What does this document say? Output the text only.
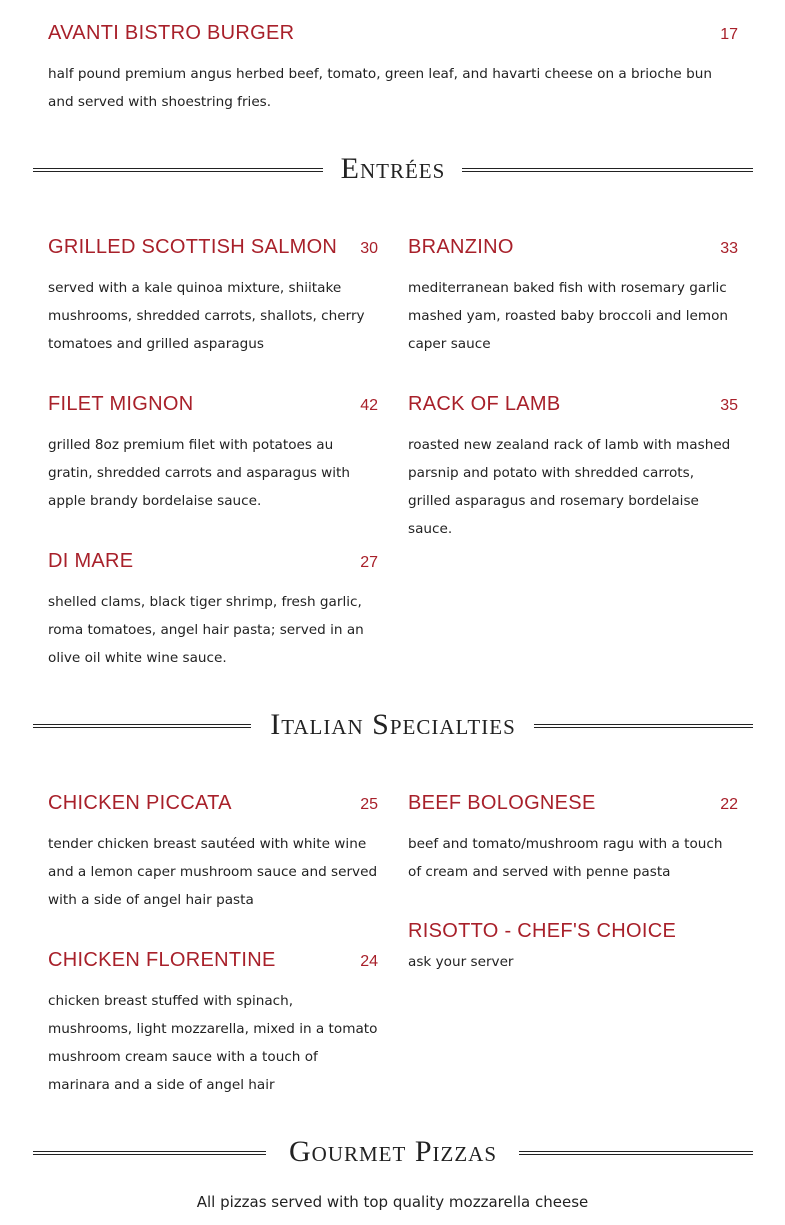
AVANTI BISTRO BURGER	17
half pound premium angus herbed beef, tomato, green leaf, and havarti cheese on a brioche bun and served with shoestring fries.
Entrées
GRILLED SCOTTISH SALMON 30
served with a kale quinoa mixture, shiitake mushrooms, shredded carrots, shallots, cherry tomatoes and grilled asparagus
BRANZINO	33
mediterranean baked fish with rosemary garlic mashed yam, roasted baby broccoli and lemon caper sauce
FILET MIGNON	42
grilled 8oz premium filet with potatoes au gratin, shredded carrots and asparagus with apple brandy bordelaise sauce.
RACK OF LAMB	35
roasted new zealand rack of lamb with mashed parsnip and potato with shredded carrots, grilled asparagus and rosemary bordelaise sauce.
DI MARE	27
shelled clams, black tiger shrimp, fresh garlic, roma tomatoes, angel hair pasta; served in an olive oil white wine sauce.
Italian Specialties
CHICKEN PICCATA	25
tender chicken breast sautéed with white wine and a lemon caper mushroom sauce and served with a side of angel hair pasta
BEEF BOLOGNESE	22
beef and tomato/mushroom ragu with a touch of cream and served with penne pasta
CHICKEN FLORENTINE	24
chicken breast stuffed with spinach, mushrooms, light mozzarella, mixed in a tomato mushroom cream sauce with a touch of marinara and a side of angel hair
RISOTTO - CHEF'S CHOICE
ask your server
Gourmet Pizzas
All pizzas served with top quality mozzarella cheese
